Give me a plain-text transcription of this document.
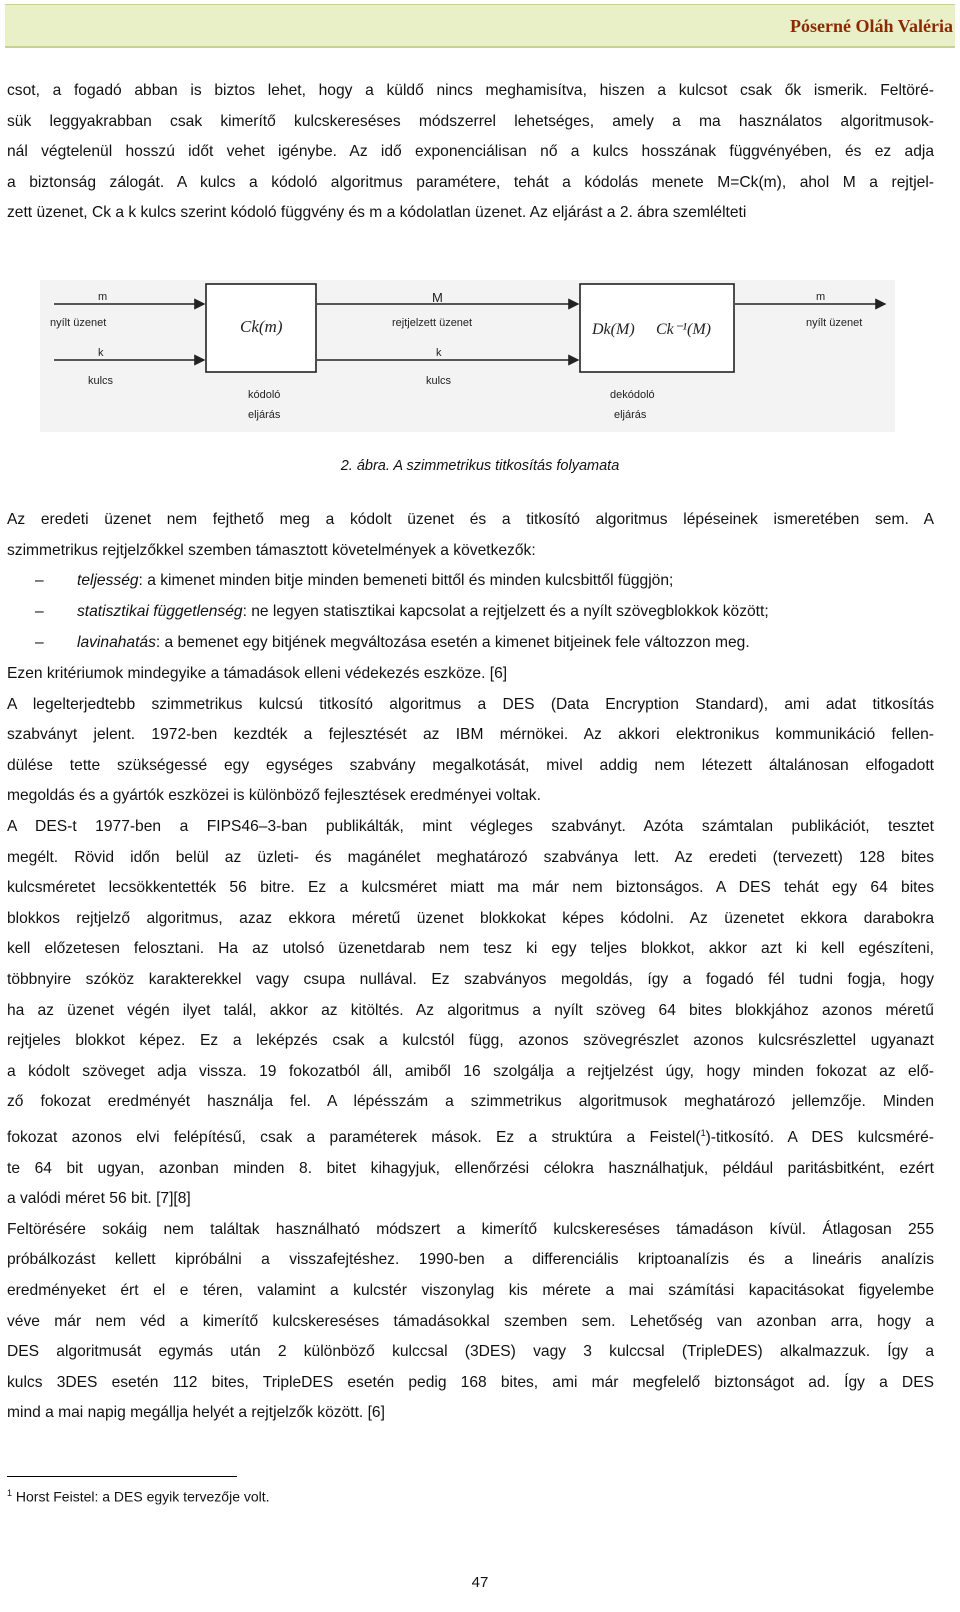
Póserné Oláh Valéria
csot, a fogadó abban is biztos lehet, hogy a küldő nincs meghamisítva, hiszen a kulcsot csak ők ismerik. Feltöré-
sük leggyakrabban csak kimerítő kulcskereséses módszerrel lehetséges, amely a ma használatos algoritmusok-
nál végtelenül hosszú időt vehet igénybe. Az idő exponenciálisan nő a kulcs hosszának függvényében, és ez adja
a biztonság zálogát. A kulcs a kódoló algoritmus paramétere, tehát a kódolás menete M=Ck(m), ahol M a rejtjel-
zett üzenet, Ck a k kulcs szerint kódoló függvény és m a kódolatlan üzenet. Az eljárást a 2. ábra szemlélteti
m
nyílt üzenet
k
kulcs
Ck(m)
kódoló
eljárás
M
rejtjelzett üzenet
k
kulcs
Dk(M) Ck⁻¹(M)
dekódoló
eljárás
m
nyílt üzenet
2. ábra. A szimmetrikus titkosítás folyamata
Az eredeti üzenet nem fejthető meg a kódolt üzenet és a titkosító algoritmus lépéseinek ismeretében sem. A
szimmetrikus rejtjelzőkkel szemben támasztott követelmények a következők:
– teljesség: a kimenet minden bitje minden bemeneti bittől és minden kulcsbittől függjön;
– statisztikai függetlenség: ne legyen statisztikai kapcsolat a rejtjelzett és a nyílt szövegblokkok között;
– lavinahatás: a bemenet egy bitjének megváltozása esetén a kimenet bitjeinek fele változzon meg.
Ezen kritériumok mindegyike a támadások elleni védekezés eszköze. [6]
A legelterjedtebb szimmetrikus kulcsú titkosító algoritmus a DES (Data Encryption Standard), ami adat titkosítás
szabványt jelent. 1972-ben kezdték a fejlesztését az IBM mérnökei. Az akkori elektronikus kommunikáció fellen-
dülése tette szükségessé egy egységes szabvány megalkotását, mivel addig nem létezett általánosan elfogadott
megoldás és a gyártók eszközei is különböző fejlesztések eredményei voltak.
A DES-t 1977-ben a FIPS46–3-ban publikálták, mint végleges szabványt. Azóta számtalan publikációt, tesztet
megélt. Rövid időn belül az üzleti- és magánélet meghatározó szabványa lett. Az eredeti (tervezett) 128 bites
kulcsméretet lecsökkentették 56 bitre. Ez a kulcsméret miatt ma már nem biztonságos. A DES tehát egy 64 bites
blokkos rejtjelző algoritmus, azaz ekkora méretű üzenet blokkokat képes kódolni. Az üzenetet ekkora darabokra
kell előzetesen felosztani. Ha az utolsó üzenetdarab nem tesz ki egy teljes blokkot, akkor azt ki kell egészíteni,
többnyire szóköz karakterekkel vagy csupa nullával. Ez szabványos megoldás, így a fogadó fél tudni fogja, hogy
ha az üzenet végén ilyet talál, akkor az kitöltés. Az algoritmus a nyílt szöveg 64 bites blokkjához azonos méretű
rejtjeles blokkot képez. Ez a leképzés csak a kulcstól függ, azonos szövegrészlet azonos kulcsrészlettel ugyanazt
a kódolt szöveget adja vissza. 19 fokozatból áll, amiből 16 szolgálja a rejtjelzést úgy, hogy minden fokozat az elő-
ző fokozat eredményét használja fel. A lépésszám a szimmetrikus algoritmusok meghatározó jellemzője. Minden
fokozat azonos elvi felépítésű, csak a paraméterek mások. Ez a struktúra a Feistel($^1$)-titkosító. A DES kulcsméré-
te 64 bit ugyan, azonban minden 8. bitet kihagyjuk, ellenőrzési célokra használhatjuk, például paritásbitként, ezért
a valódi méret 56 bit. [7][8]
Feltörésére sokáig nem találtak használható módszert a kimerítő kulcskereséses támadáson kívül. Átlagosan 255
próbálkozást kellett kipróbálni a visszafejtéshez. 1990-ben a differenciális kriptoanalízis és a lineáris analízis
eredményeket ért el e téren, valamint a kulcstér viszonylag kis mérete a mai számítási kapacitásokat figyelembe
véve már nem véd a kimerítő kulcskereséses támadásokkal szemben sem. Lehetőség van azonban arra, hogy a
DES algoritmusát egymás után 2 különböző kulccsal (3DES) vagy 3 kulccsal (TripleDES) alkalmazzuk. Így a
kulcs 3DES esetén 112 bites, TripleDES esetén pedig 168 bites, ami már megfelelő biztonságot ad. Így a DES
mind a mai napig megállja helyét a rejtjelzők között. [6]
$^1$ Horst Feistel: a DES egyik tervezője volt.
47
